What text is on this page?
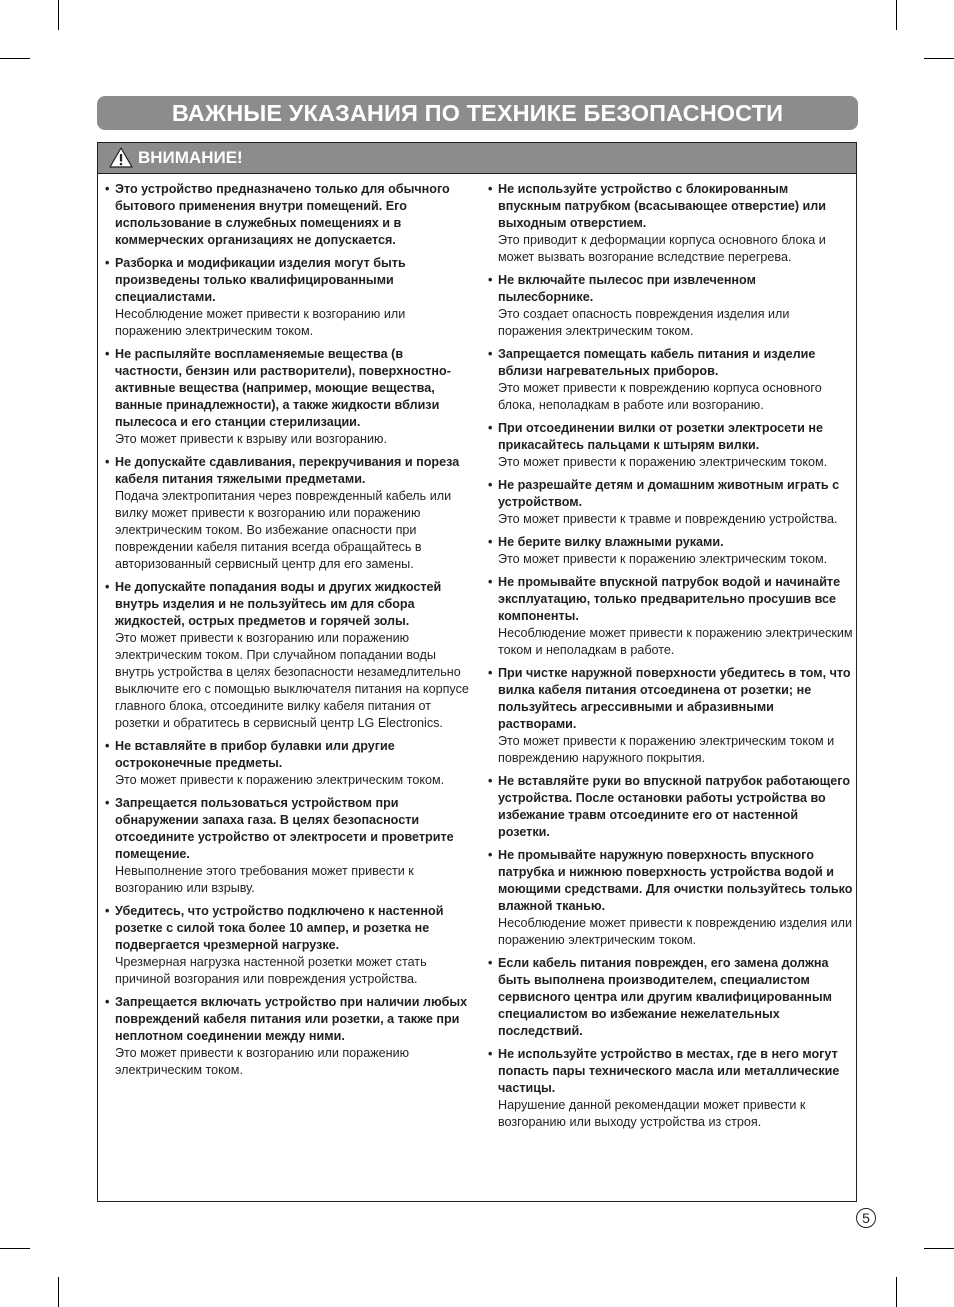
ВАЖНЫЕ УКАЗАНИЯ ПО ТЕХНИКЕ БЕЗОПАСНОСТИ
ВНИМАНИЕ!
• Это устройство предназначено только для обычного бытового применения внутри помещений. Его использование в служебных помещениях и в коммерческих организациях не допускается.
• Разборка и модификации изделия могут быть произведены только квалифицированными специалистами.
Несоблюдение может привести к возгоранию или поражению электрическим током.
• Не распыляйте воспламеняемые вещества (в частности, бензин или растворители), поверхностно-активные вещества (например, моющие вещества, ванные принадлежности), а также жидкости вблизи пылесоса и его станции стерилизации.
Это может привести к взрыву или возгоранию.
• Не допускайте сдавливания, перекручивания и пореза кабеля питания тяжелыми предметами.
Подача электропитания через поврежденный кабель или вилку может привести к возгоранию или поражению электрическим током. Во избежание опасности при повреждении кабеля питания всегда обращайтесь в авторизованный сервисный центр для его замены.
• Не допускайте попадания воды и других жидкостей внутрь изделия и не пользуйтесь им для сбора жидкостей, острых предметов и горячей золы.
Это может привести к возгоранию или поражению электрическим током. При случайном попадании воды внутрь устройства в целях безопасности незамедлительно выключите его с помощью выключателя питания на корпусе главного блока, отсоедините вилку кабеля питания от розетки и обратитесь в сервисный центр LG Electronics.
• Не вставляйте в прибор булавки или другие остроконечные предметы.
Это может привести к поражению электрическим током.
• Запрещается пользоваться устройством при обнаружении запаха газа. В целях безопасности отсоедините устройство от электросети и проветрите помещение.
Невыполнение этого требования может привести к возгоранию или взрыву.
• Убедитесь, что устройство подключено к настенной розетке с силой тока более 10 ампер, и розетка не подвергается чрезмерной нагрузке.
Чрезмерная нагрузка настенной розетки может стать причиной возгорания или повреждения устройства.
• Запрещается включать устройство при наличии любых повреждений кабеля питания или розетки, а также при неплотном соединении между ними.
Это может привести к возгоранию или поражению электрическим током.
• Не используйте устройство с блокированным впускным патрубком (всасывающее отверстие) или выходным отверстием.
Это приводит к деформации корпуса основного блока и может вызвать возгорание вследствие перегрева.
• Не включайте пылесос при извлеченном пылесборнике.
Это создает опасность повреждения изделия или поражения электрическим током.
• Запрещается помещать кабель питания и изделие вблизи нагревательных приборов.
Это может привести к повреждению корпуса основного блока, неполадкам в работе или возгоранию.
• При отсоединении вилки от розетки электросети не прикасайтесь пальцами к штырям вилки.
Это может привести к поражению электрическим током.
• Не разрешайте детям и домашним животным играть с устройством.
Это может привести к травме и повреждению устройства.
• Не берите вилку влажными руками.
Это может привести к поражению электрическим током.
• Не промывайте впускной патрубок водой и начинайте эксплуатацию, только предварительно просушив все компоненты.
Несоблюдение может привести к поражению электрическим током и неполадкам в работе.
• При чистке наружной поверхности убедитесь в том, что вилка кабеля питания отсоединена от розетки; не пользуйтесь агрессивными и абразивными растворами.
Это может привести к поражению электрическим током и повреждению наружного покрытия.
• Не вставляйте руки во впускной патрубок работающего устройства. После остановки работы устройства во избежание травм отсоедините его от настенной розетки.
• Не промывайте наружную поверхность впускного патрубка и нижнюю поверхность устройства водой и моющими средствами. Для очистки пользуйтесь только влажной тканью.
Несоблюдение может привести к повреждению изделия или поражению электрическим током.
• Если кабель питания поврежден, его замена должна быть выполнена производителем, специалистом сервисного центра или другим квалифицированным специалистом во избежание нежелательных последствий.
• Не используйте устройство в местах, где в него могут попасть пары технического масла или металлические частицы.
Нарушение данной рекомендации может привести к возгоранию или выходу устройства из строя.
5
